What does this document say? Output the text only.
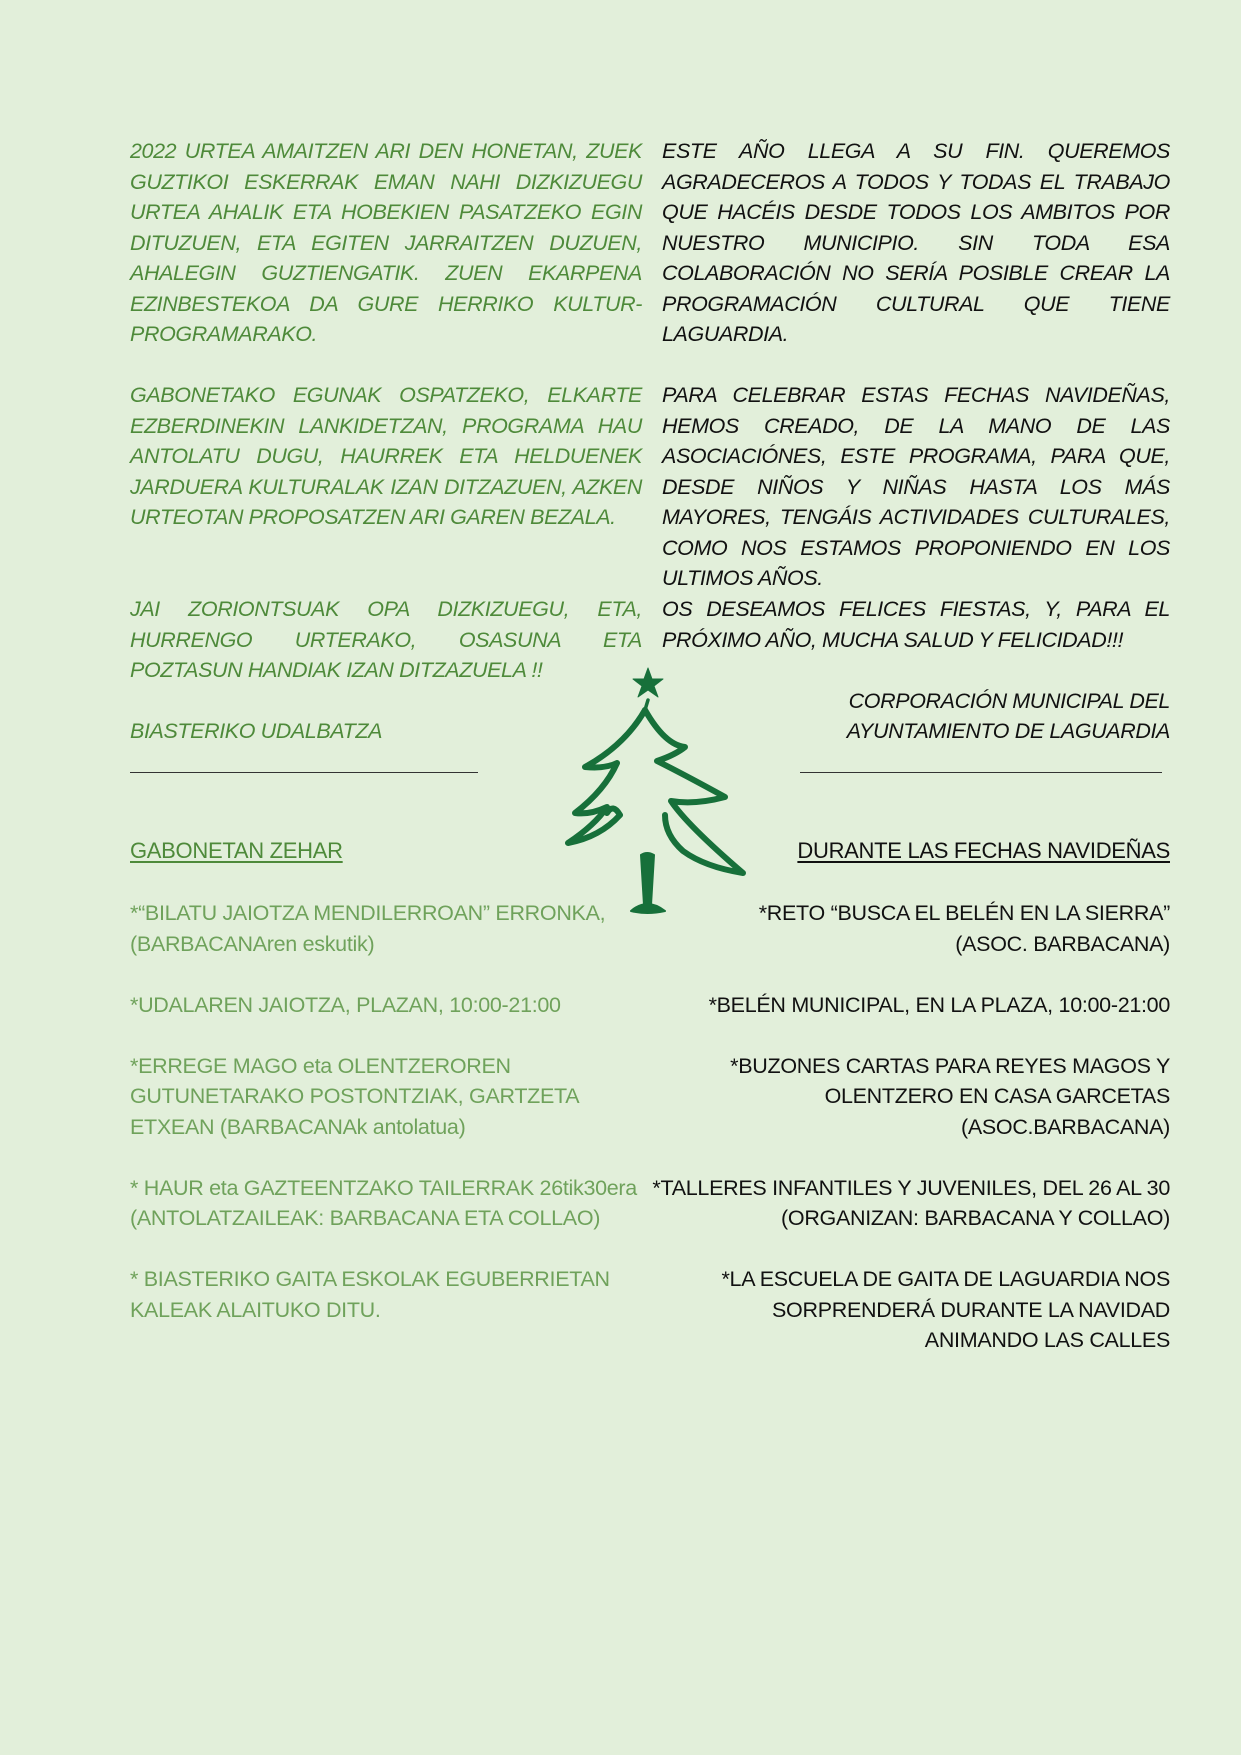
2022 URTEA AMAITZEN ARI DEN HONETAN, ZUEK GUZTIKOI ESKERRAK EMAN NAHI DIZKIZUEGU URTEA AHALIK ETA HOBEKIEN PASATZEKO EGIN DITUZUEN, ETA EGITEN JARRAITZEN DUZUEN, AHALEGIN GUZTIENGATIK. ZUEN EKARPENA EZINBESTEKOA DA GURE HERRIKO KULTUR-PROGRAMARAKO.

GABONETAKO EGUNAK OSPATZEKO, ELKARTE EZBERDINEKIN LANKIDETZAN, PROGRAMA HAU ANTOLATU DUGU, HAURREK ETA HELDUENEK JARDUERA KULTURALAK IZAN DITZAZUEN, AZKEN URTEOTAN PROPOSATZEN ARI GAREN BEZALA.

JAI ZORIONTSUAK OPA DIZKIZUEGU, ETA, HURRENGO URTERAKO, OSASUNA ETA POZTASUN HANDIAK IZAN DITZAZUELA !!

BIASTERIKO UDALBATZA

ESTE AÑO LLEGA A SU FIN. QUEREMOS AGRADECEROS A TODOS Y TODAS EL TRABAJO QUE HACÉIS DESDE TODOS LOS AMBITOS POR NUESTRO MUNICIPIO. SIN TODA ESA COLABORACIÓN NO SERÍA POSIBLE CREAR LA PROGRAMACIÓN CULTURAL QUE TIENE LAGUARDIA.

PARA CELEBRAR ESTAS FECHAS NAVIDEÑAS, HEMOS CREADO, DE LA MANO DE LAS ASOCIACIÓNES, ESTE PROGRAMA, PARA QUE, DESDE NIÑOS Y NIÑAS HASTA LOS MÁS MAYORES, TENGÁIS ACTIVIDADES CULTURALES, COMO NOS ESTAMOS PROPONIENDO EN LOS ULTIMOS AÑOS.

OS DESEAMOS FELICES FIESTAS, Y, PARA EL PRÓXIMO AÑO, MUCHA SALUD Y FELICIDAD!!!

CORPORACIÓN MUNICIPAL DEL

AYUNTAMIENTO DE LAGUARDIA

GABONETAN ZEHAR	DURANTE LAS FECHAS NAVIDEÑAS

*“BILATU JAIOTZA MENDILERROAN” ERRONKA, (BARBACANAren eskutik)

*UDALAREN JAIOTZA, PLAZAN, 10:00-21:00

*ERREGE MAGO eta OLENTZERO​REN GUTUNETARAKO POSTONTZIAK, GARTZETA ETXEAN (BARBACANAk antolatua)

* HAUR eta GAZTEENTZAKO TAILERRAK 26tik30era (ANTOLATZAILEAK: BARBACANA ETA COLLAO)

* BIASTERIKO GAITA ESKOLAK EGUBERRIETAN KALEAK ALAITUKO DITU.

*RETO “BUSCA EL BELÉN EN LA SIERRA”

(ASOC. BARBACANA)

*BELÉN MUNICIPAL, EN LA PLAZA, 10:00-21:00

*BUZONES CARTAS PARA REYES MAGOS Y

OLENTZERO EN CASA GARCETAS

(ASOC.BARBACANA)

*TALLERES INFANTILES Y JUVENILES, DEL 26 AL 30

(ORGANIZAN: BARBACANA Y COLLAO)

*LA ESCUELA DE GAITA DE LAGUARDIA NOS

SORPRENDERÁ DURANTE LA NAVIDAD

ANIMANDO LAS CALLES
